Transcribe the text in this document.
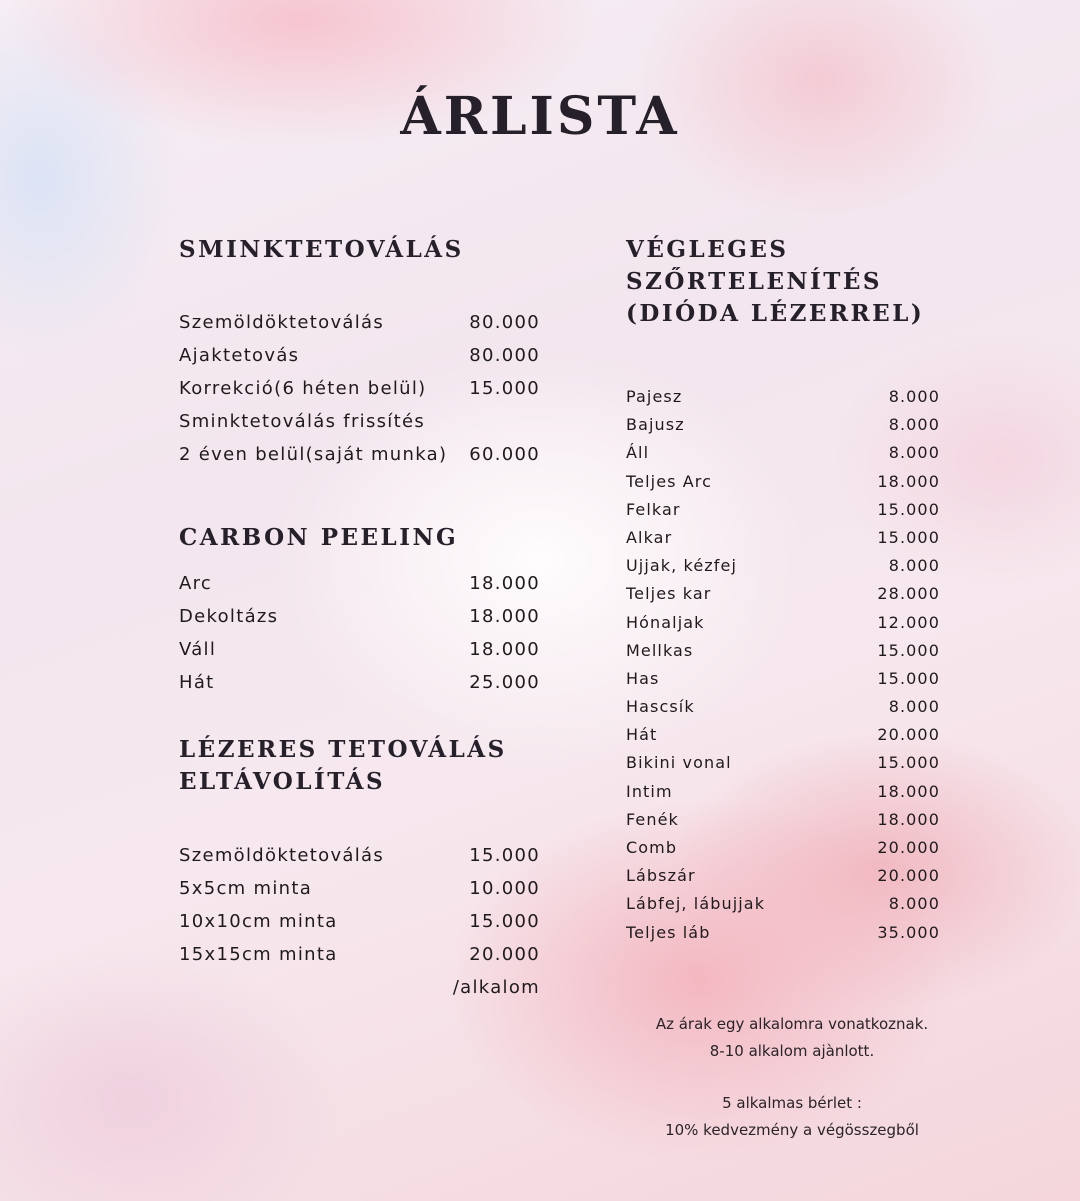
ÁRLISTA
SMINKTETOVÁLÁS
Szemöldöktetoválás	80.000
Ajaktetovás	80.000
Korrekció(6 héten belül) 15.000
Sminktetoválás frissítés
2 éven belül(saját munka) 60.000
CARBON PEELING
Arc	18.000
Dekoltázs	18.000
Váll	18.000
Hát	25.000
LÉZERES TETOVÁLÁS
ELTÁVOLÍTÁS
Szemöldöktetoválás	15.000
5x5cm minta	10.000
10x10cm minta	15.000
15x15cm minta	20.000
/alkalom
VÉGLEGES
SZŐRTELENÍTÉS
(DIÓDA LÉZERREL)
Pajesz	8.000
Bajusz	8.000
Áll	8.000
Teljes Arc	18.000
Felkar	15.000
Alkar	15.000
Ujjak, kézfej	8.000
Teljes kar	28.000
Hónaljak	12.000
Mellkas	15.000
Has	15.000
Hascsík	8.000
Hát	20.000
Bikini vonal	15.000
Intim	18.000
Fenék	18.000
Comb	20.000
Lábszár	20.000
Lábfej, lábujjak	8.000
Teljes láb	35.000

Az árak egy alkalomra vonatkoznak.
8-10 alkalom ajànlott.

5 alkalmas bérlet :
10% kedvezmény a végösszegből
